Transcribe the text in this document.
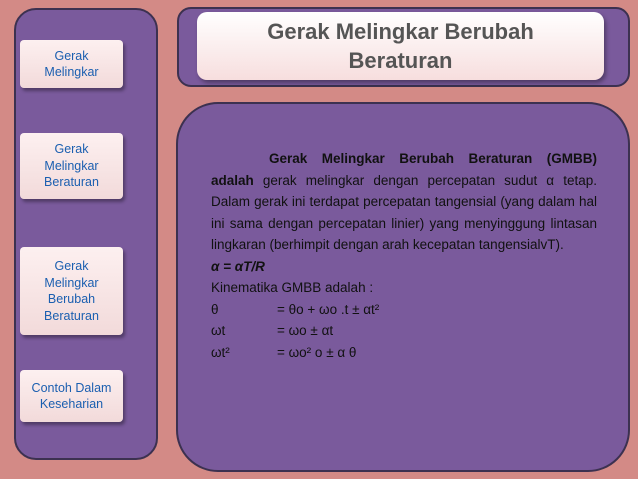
Gerak
Melingkar
Gerak
Melingkar
Beraturan
Gerak
Melingkar
Berubah
Beraturan
Contoh Dalam
Keseharian
Gerak Melingkar Berubah
Beraturan
Gerak Melingkar Berubah Beraturan (GMBB) adalah gerak melingkar dengan percepatan sudut α tetap. Dalam gerak ini terdapat percepatan tangensial (yang dalam hal ini sama dengan percepatan linier) yang menyinggung lintasan lingkaran (berhimpit dengan arah kecepatan tangensialvT).
α = αT/R
Kinematika GMBB adalah :
θ	= θo + ωo .t ± αt²
ωt	= ωo ± αt
ωt²	= ωo² o ± α θ
